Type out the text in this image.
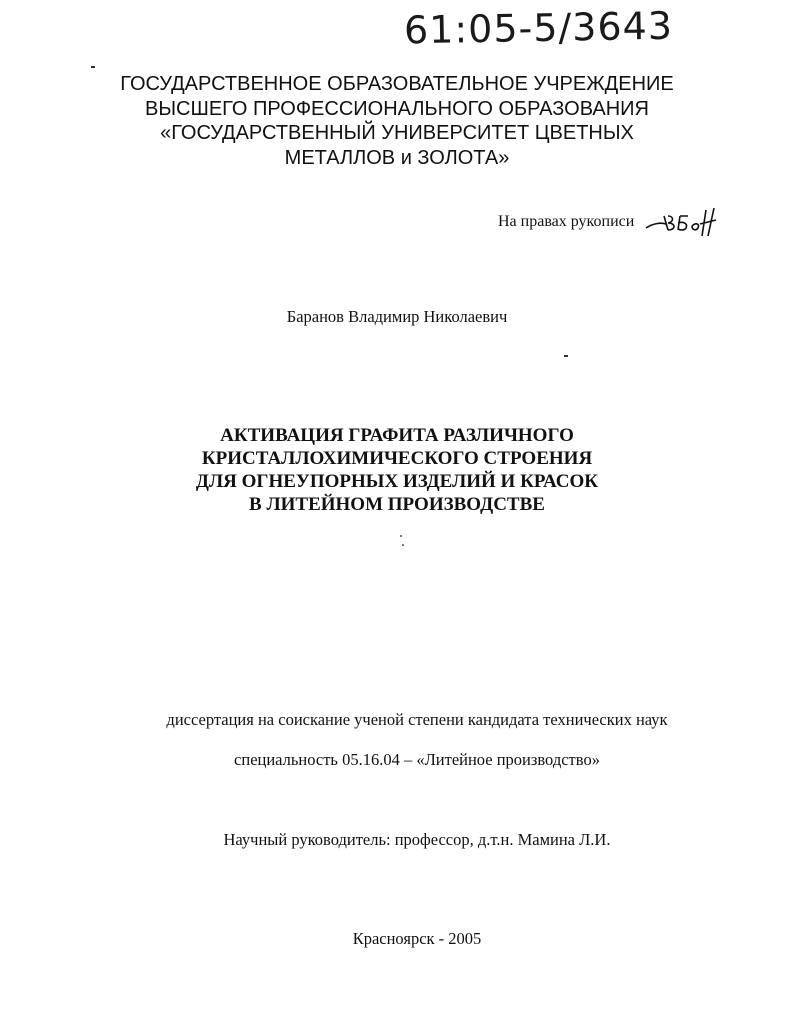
61:05-5/3643
ГОСУДАРСТВЕННОЕ ОБРАЗОВАТЕЛЬНОЕ УЧРЕЖДЕНИЕ
ВЫСШЕГО ПРОФЕССИОНАЛЬНОГО ОБРАЗОВАНИЯ
«ГОСУДАРСТВЕННЫЙ УНИВЕРСИТЕТ ЦВЕТНЫХ
МЕТАЛЛОВ и ЗОЛОТА»
На правах рукописи
Баранов Владимир Николаевич
АКТИВАЦИЯ ГРАФИТА РАЗЛИЧНОГО
КРИСТАЛЛОХИМИЧЕСКОГО СТРОЕНИЯ
ДЛЯ ОГНЕУПОРНЫХ ИЗДЕЛИЙ И КРАСОК
В ЛИТЕЙНОМ ПРОИЗВОДСТВЕ
диссертация на соискание ученой степени кандидата технических наук
специальность 05.16.04 – «Литейное производство»
Научный руководитель: профессор, д.т.н. Мамина Л.И.
Красноярск - 2005
